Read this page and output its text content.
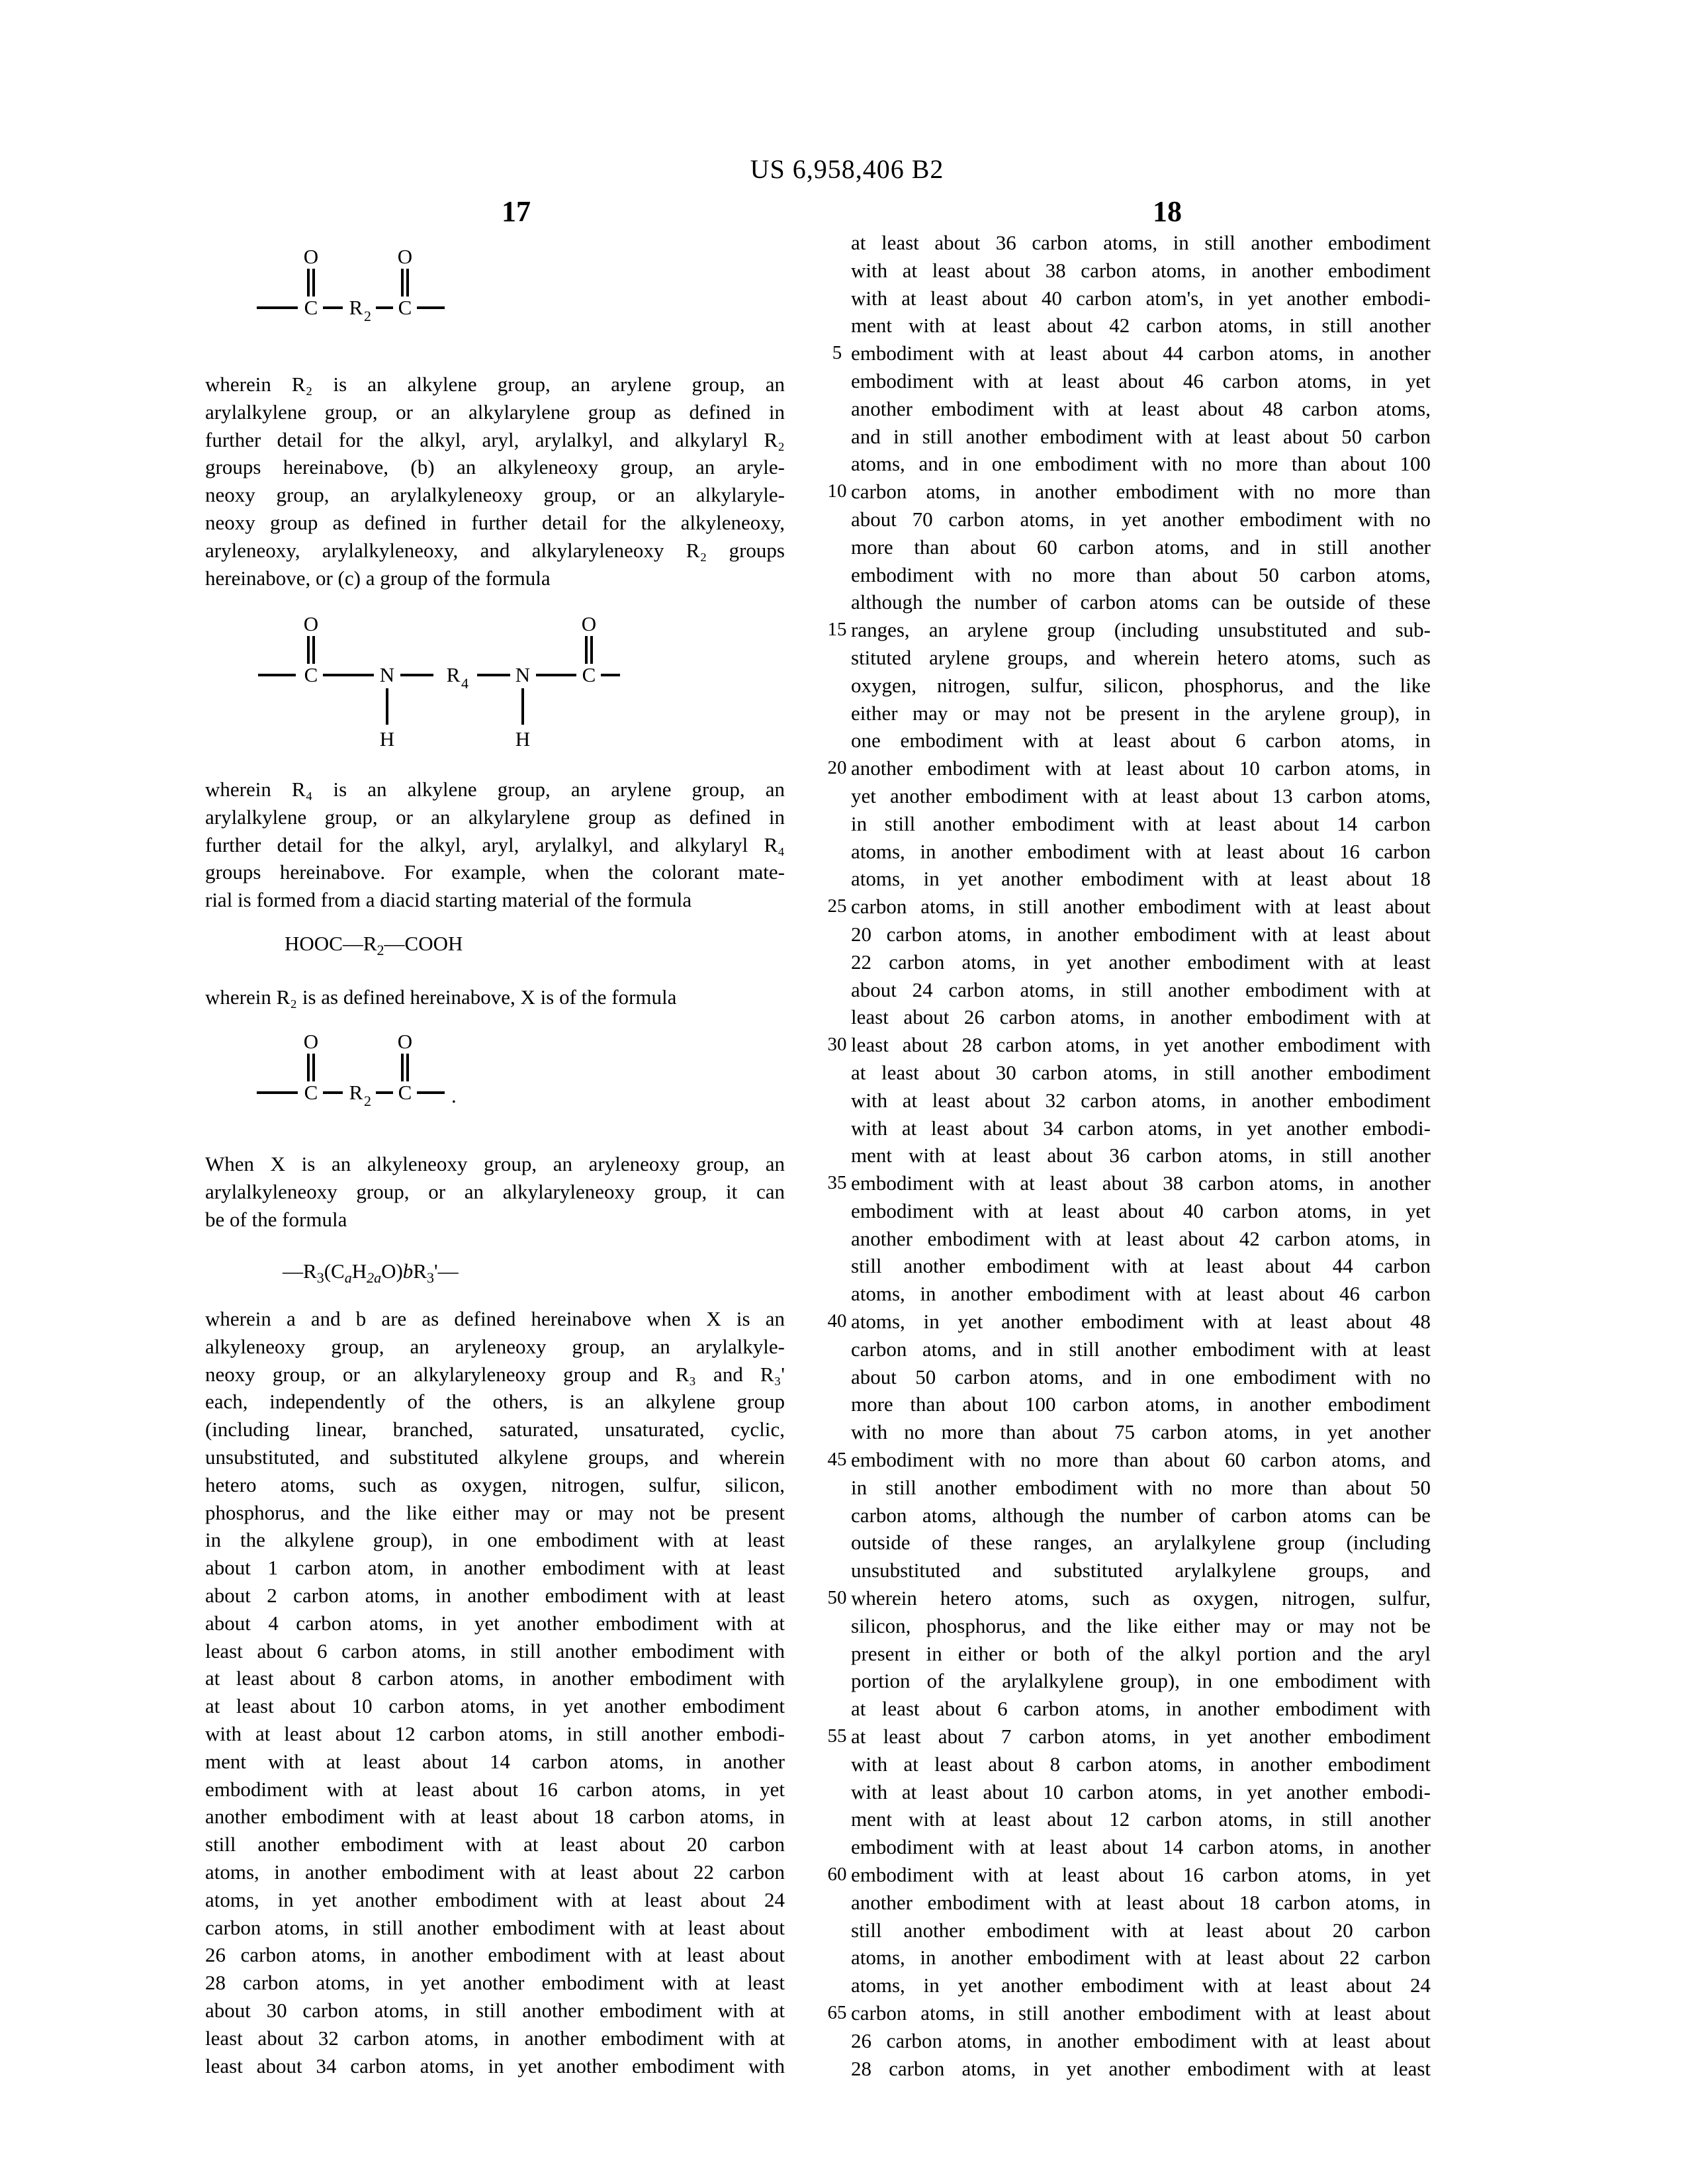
US 6,958,406 B2
17	18
O	O
C R 2 C
wherein R₂ is an alkylene group, an arylene group, an
arylalkylene group, or an alkylarylene group as defined in
further detail for the alkyl, aryl, arylalkyl, and alkylaryl R₂
groups hereinabove, (b) an alkyleneoxy group, an aryle-
neoxy group, an arylalkyleneoxy group, or an alkylaryle-
neoxy group as defined in further detail for the alkyleneoxy,
aryleneoxy, arylalkyleneoxy, and alkylaryleneoxy R₂ groups
hereinabove, or (c) a group of the formula
O	O
C	N	R 4 N	C
H	H
wherein R₄ is an alkylene group, an arylene group, an
arylalkylene group, or an alkylarylene group as defined in
further detail for the alkyl, aryl, arylalkyl, and alkylaryl R₄
groups hereinabove. For example, when the colorant mate-
rial is formed from a diacid starting material of the formula
$HOOC—R_2—COOH$
wherein R₂ is as defined hereinabove, X is of the formula
O	O
C R 2 C .
When X is an alkyleneoxy group, an aryleneoxy group, an
arylalkyleneoxy group, or an alkylaryleneoxy group, it can
be of the formula
$—R_3(C_aH_{2a}O)bR_3'—$
wherein a and b are as defined hereinabove when X is an
alkyleneoxy group, an aryleneoxy group, an arylalkyle-
neoxy group, or an alkylaryleneoxy group and R₃ and R₃'
each, independently of the others, is an alkylene group
(including linear, branched, saturated, unsaturated, cyclic,
unsubstituted, and substituted alkylene groups, and wherein
hetero atoms, such as oxygen, nitrogen, sulfur, silicon,
phosphorus, and the like either may or may not be present
in the alkylene group), in one embodiment with at least
about 1 carbon atom, in another embodiment with at least
about 2 carbon atoms, in another embodiment with at least
about 4 carbon atoms, in yet another embodiment with at
least about 6 carbon atoms, in still another embodiment with
at least about 8 carbon atoms, in another embodiment with
at least about 10 carbon atoms, in yet another embodiment
with at least about 12 carbon atoms, in still another embodi-
ment with at least about 14 carbon atoms, in another
embodiment with at least about 16 carbon atoms, in yet
another embodiment with at least about 18 carbon atoms, in
still another embodiment with at least about 20 carbon
atoms, in another embodiment with at least about 22 carbon
atoms, in yet another embodiment with at least about 24
carbon atoms, in still another embodiment with at least about
26 carbon atoms, in another embodiment with at least about
28 carbon atoms, in yet another embodiment with at least
about 30 carbon atoms, in still another embodiment with at
least about 32 carbon atoms, in another embodiment with at
least about 34 carbon atoms, in yet another embodiment with
at least about 36 carbon atoms, in still another embodiment
with at least about 38 carbon atoms, in another embodiment
with at least about 40 carbon atom's, in yet another embodi-
ment with at least about 42 carbon atoms, in still another
embodiment with at least about 44 carbon atoms, in another
embodiment with at least about 46 carbon atoms, in yet
another embodiment with at least about 48 carbon atoms,
and in still another embodiment with at least about 50 carbon
atoms, and in one embodiment with no more than about 100
carbon atoms, in another embodiment with no more than
about 70 carbon atoms, in yet another embodiment with no
more than about 60 carbon atoms, and in still another
embodiment with no more than about 50 carbon atoms,
although the number of carbon atoms can be outside of these
ranges, an arylene group (including unsubstituted and sub-
stituted arylene groups, and wherein hetero atoms, such as
oxygen, nitrogen, sulfur, silicon, phosphorus, and the like
either may or may not be present in the arylene group), in
one embodiment with at least about 6 carbon atoms, in
another embodiment with at least about 10 carbon atoms, in
yet another embodiment with at least about 13 carbon atoms,
in still another embodiment with at least about 14 carbon
atoms, in another embodiment with at least about 16 carbon
atoms, in yet another embodiment with at least about 18
carbon atoms, in still another embodiment with at least about
20 carbon atoms, in another embodiment with at least about
22 carbon atoms, in yet another embodiment with at least
about 24 carbon atoms, in still another embodiment with at
least about 26 carbon atoms, in another embodiment with at
least about 28 carbon atoms, in yet another embodiment with
at least about 30 carbon atoms, in still another embodiment
with at least about 32 carbon atoms, in another embodiment
with at least about 34 carbon atoms, in yet another embodi-
ment with at least about 36 carbon atoms, in still another
embodiment with at least about 38 carbon atoms, in another
embodiment with at least about 40 carbon atoms, in yet
another embodiment with at least about 42 carbon atoms, in
still another embodiment with at least about 44 carbon
atoms, in another embodiment with at least about 46 carbon
atoms, in yet another embodiment with at least about 48
carbon atoms, and in still another embodiment with at least
about 50 carbon atoms, and in one embodiment with no
more than about 100 carbon atoms, in another embodiment
with no more than about 75 carbon atoms, in yet another
embodiment with no more than about 60 carbon atoms, and
in still another embodiment with no more than about 50
carbon atoms, although the number of carbon atoms can be
outside of these ranges, an arylalkylene group (including
unsubstituted and substituted arylalkylene groups, and
wherein hetero atoms, such as oxygen, nitrogen, sulfur,
silicon, phosphorus, and the like either may or may not be
present in either or both of the alkyl portion and the aryl
portion of the arylalkylene group), in one embodiment with
at least about 6 carbon atoms, in another embodiment with
at least about 7 carbon atoms, in yet another embodiment
with at least about 8 carbon atoms, in another embodiment
with at least about 10 carbon atoms, in yet another embodi-
ment with at least about 12 carbon atoms, in still another
embodiment with at least about 14 carbon atoms, in another
embodiment with at least about 16 carbon atoms, in yet
another embodiment with at least about 18 carbon atoms, in
still another embodiment with at least about 20 carbon
atoms, in another embodiment with at least about 22 carbon
atoms, in yet another embodiment with at least about 24
carbon atoms, in still another embodiment with at least about
26 carbon atoms, in another embodiment with at least about
28 carbon atoms, in yet another embodiment with at least
5
10
15
20
25
30
35
40
45
50
55
60
65
